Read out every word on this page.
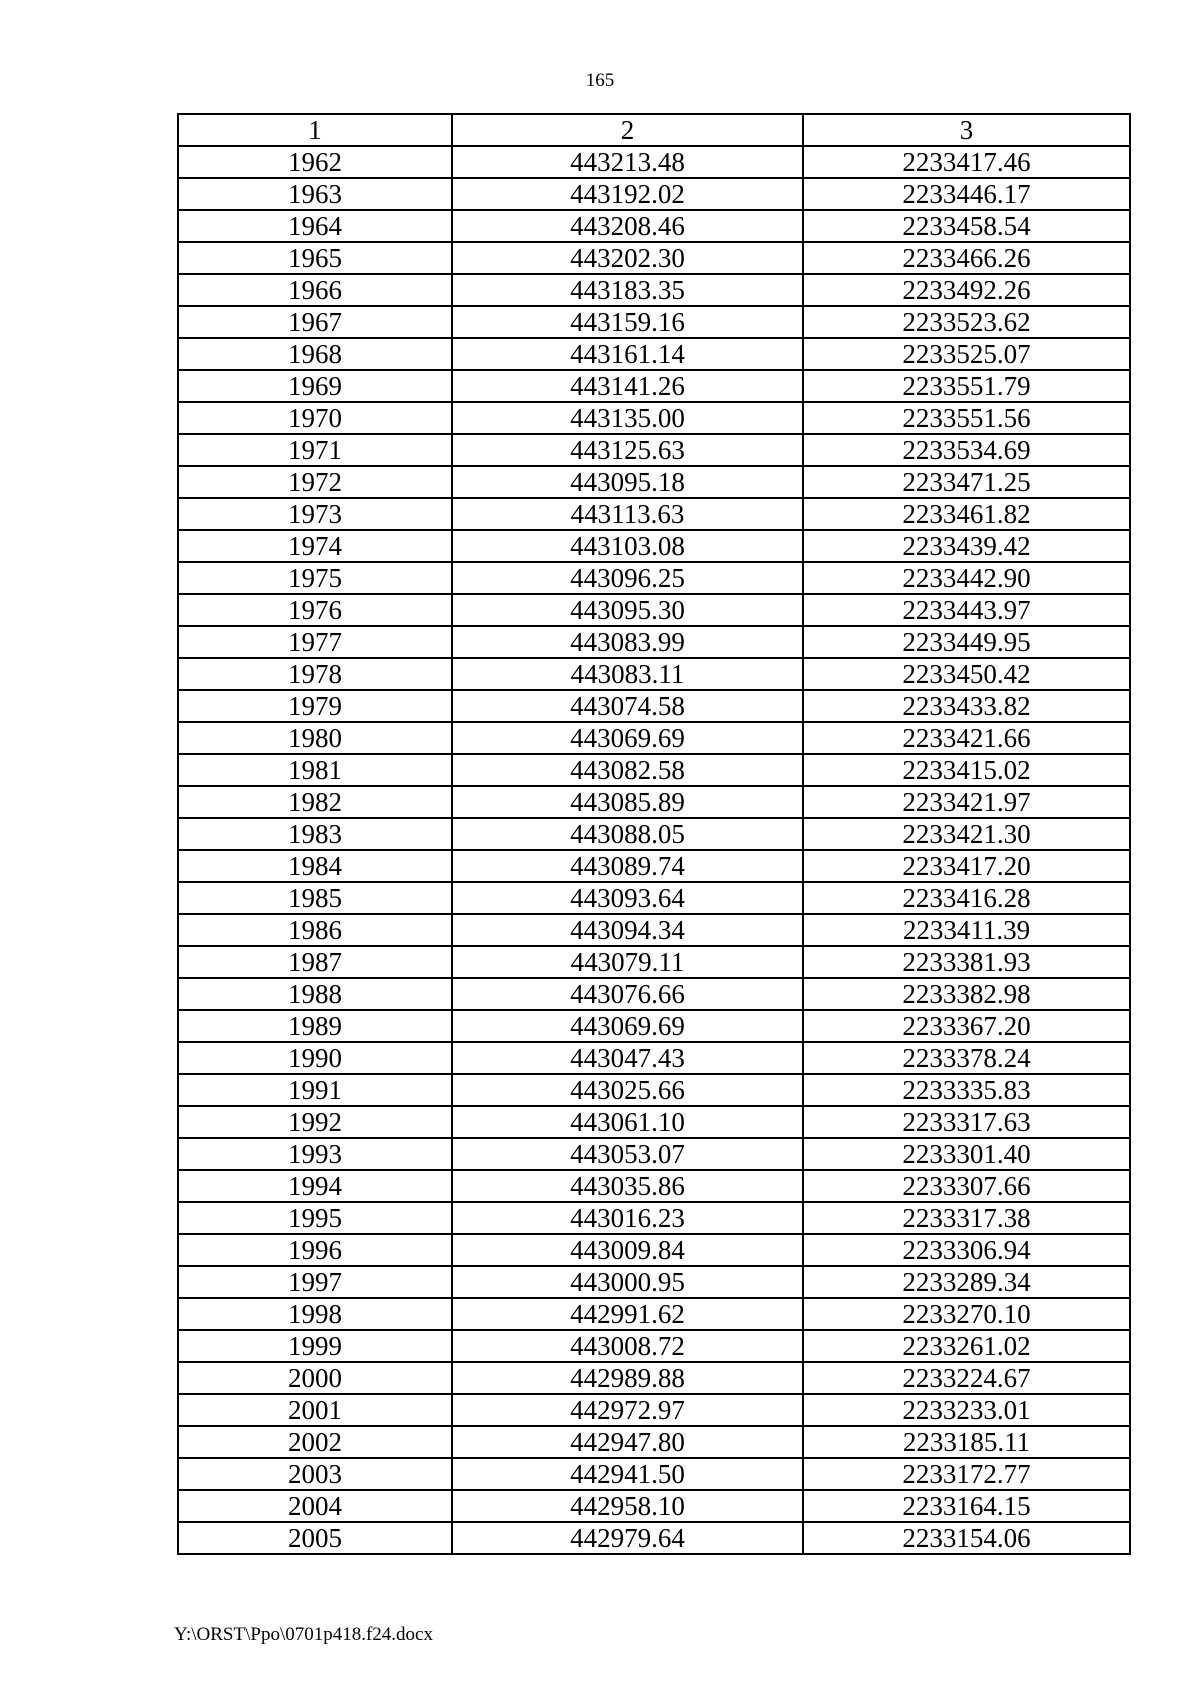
165
1	2	3
1962	443213.48	2233417.46
1963	443192.02	2233446.17
1964	443208.46	2233458.54
1965	443202.30	2233466.26
1966	443183.35	2233492.26
1967	443159.16	2233523.62
1968	443161.14	2233525.07
1969	443141.26	2233551.79
1970	443135.00	2233551.56
1971	443125.63	2233534.69
1972	443095.18	2233471.25
1973	443113.63	2233461.82
1974	443103.08	2233439.42
1975	443096.25	2233442.90
1976	443095.30	2233443.97
1977	443083.99	2233449.95
1978	443083.11	2233450.42
1979	443074.58	2233433.82
1980	443069.69	2233421.66
1981	443082.58	2233415.02
1982	443085.89	2233421.97
1983	443088.05	2233421.30
1984	443089.74	2233417.20
1985	443093.64	2233416.28
1986	443094.34	2233411.39
1987	443079.11	2233381.93
1988	443076.66	2233382.98
1989	443069.69	2233367.20
1990	443047.43	2233378.24
1991	443025.66	2233335.83
1992	443061.10	2233317.63
1993	443053.07	2233301.40
1994	443035.86	2233307.66
1995	443016.23	2233317.38
1996	443009.84	2233306.94
1997	443000.95	2233289.34
1998	442991.62	2233270.10
1999	443008.72	2233261.02
2000	442989.88	2233224.67
2001	442972.97	2233233.01
2002	442947.80	2233185.11
2003	442941.50	2233172.77
2004	442958.10	2233164.15
2005	442979.64	2233154.06
Y:\ORST\Ppo\0701p418.f24.docx
